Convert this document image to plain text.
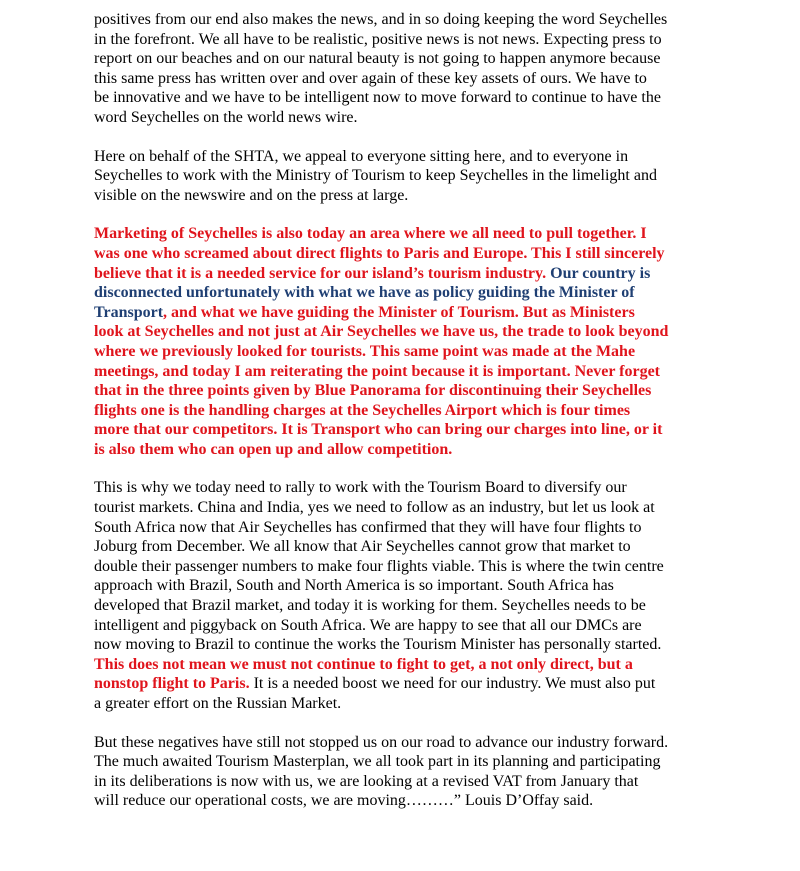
positives from our end also makes the news, and in so doing keeping the word Seychelles
in the forefront. We all have to be realistic, positive news is not news. Expecting press to
report on our beaches and on our natural beauty is not going to happen anymore because
this same press has written over and over again of these key assets of ours. We have to
be innovative and we have to be intelligent now to move forward to continue to have the
word Seychelles on the world news wire.

Here on behalf of the SHTA, we appeal to everyone sitting here, and to everyone in
Seychelles to work with the Ministry of Tourism to keep Seychelles in the limelight and
visible on the newswire and on the press at large.

Marketing of Seychelles is also today an area where we all need to pull together. I
was one who screamed about direct flights to Paris and Europe. This I still sincerely
believe that it is a needed service for our island’s tourism industry. Our country is
disconnected unfortunately with what we have as policy guiding the Minister of
Transport, and what we have guiding the Minister of Tourism. But as Ministers
look at Seychelles and not just at Air Seychelles we have us, the trade to look beyond
where we previously looked for tourists. This same point was made at the Mahe
meetings, and today I am reiterating the point because it is important. Never forget
that in the three points given by Blue Panorama for discontinuing their Seychelles
flights one is the handling charges at the Seychelles Airport which is four times
more that our competitors. It is Transport who can bring our charges into line, or it
is also them who can open up and allow competition.

This is why we today need to rally to work with the Tourism Board to diversify our
tourist markets. China and India, yes we need to follow as an industry, but let us look at
South Africa now that Air Seychelles has confirmed that they will have four flights to
Joburg from December. We all know that Air Seychelles cannot grow that market to
double their passenger numbers to make four flights viable. This is where the twin centre
approach with Brazil, South and North America is so important. South Africa has
developed that Brazil market, and today it is working for them. Seychelles needs to be
intelligent and piggyback on South Africa. We are happy to see that all our DMCs are
now moving to Brazil to continue the works the Tourism Minister has personally started.
This does not mean we must not continue to fight to get, a not only direct, but a
nonstop flight to Paris. It is a needed boost we need for our industry. We must also put
a greater effort on the Russian Market.

But these negatives have still not stopped us on our road to advance our industry forward.
The much awaited Tourism Masterplan, we all took part in its planning and participating
in its deliberations is now with us, we are looking at a revised VAT from January that
will reduce our operational costs, we are moving………” Louis D’Offay said.
